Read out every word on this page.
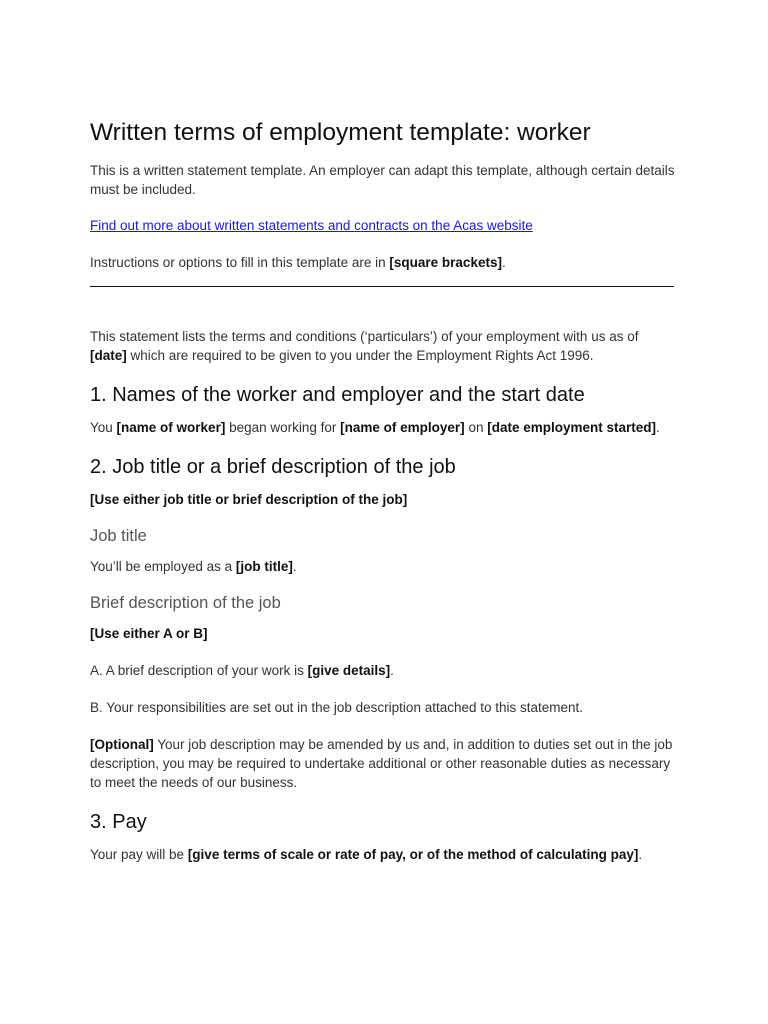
Written terms of employment template: worker

This is a written statement template. An employer can adapt this template, although certain details must be included.

Find out more about written statements and contracts on the Acas website

Instructions or options to fill in this template are in [square brackets].

This statement lists the terms and conditions (‘particulars’) of your employment with us as of [date] which are required to be given to you under the Employment Rights Act 1996.

1. Names of the worker and employer and the start date

You [name of worker] began working for [name of employer] on [date employment started].

2. Job title or a brief description of the job

[Use either job title or brief description of the job]

Job title

You’ll be employed as a [job title].

Brief description of the job

[Use either A or B]

A. A brief description of your work is [give details].

B. Your responsibilities are set out in the job description attached to this statement.

[Optional] Your job description may be amended by us and, in addition to duties set out in the job description, you may be required to undertake additional or other reasonable duties as necessary to meet the needs of our business.

3. Pay

Your pay will be [give terms of scale or rate of pay, or of the method of calculating pay].
